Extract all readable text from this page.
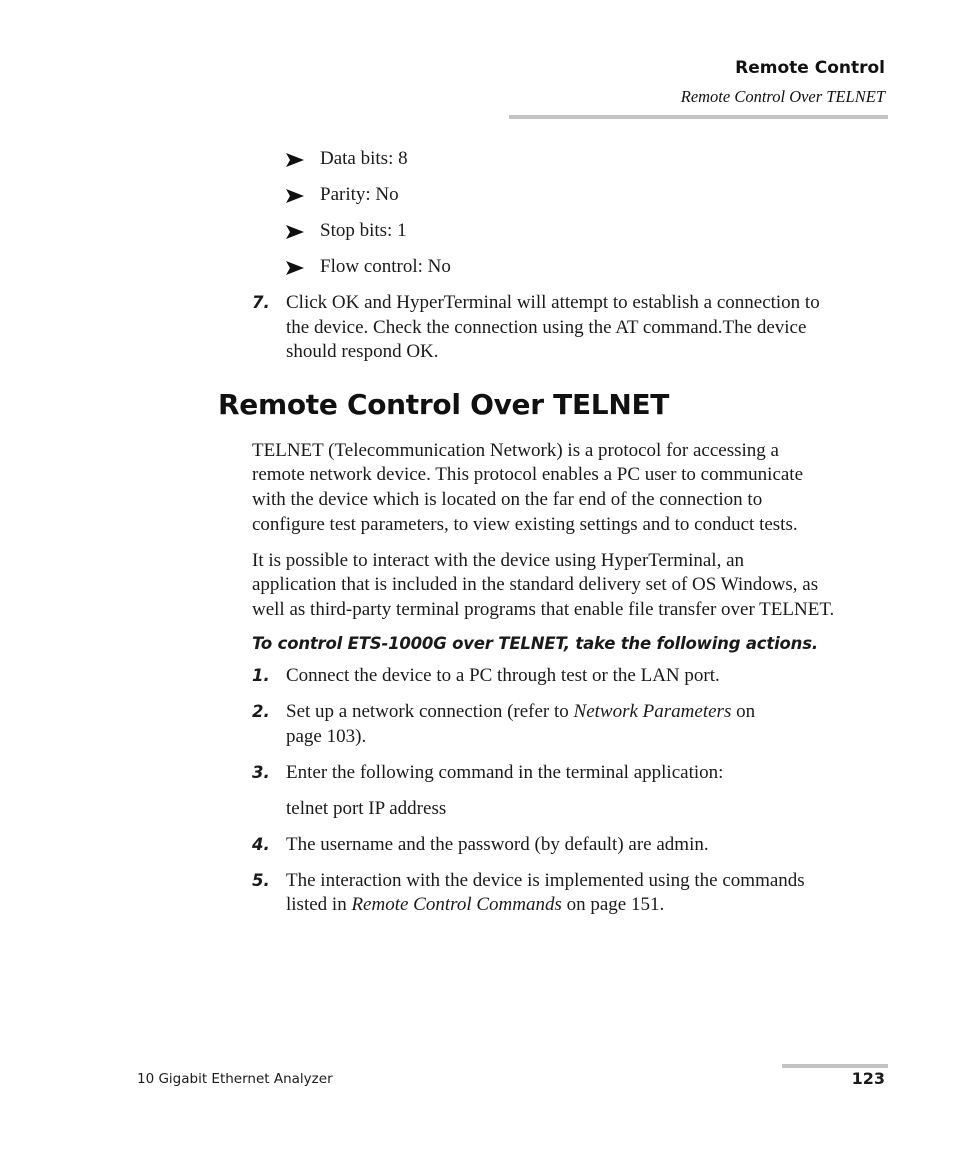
Remote Control
Remote Control Over TELNET
Data bits: 8
Parity: No
Stop bits: 1
Flow control: No
7. Click OK and HyperTerminal will attempt to establish a connection to
the device. Check the connection using the AT command.The device
should respond OK.
Remote Control Over TELNET
TELNET (Telecommunication Network) is a protocol for accessing a
remote network device. This protocol enables a PC user to communicate
with the device which is located on the far end of the connection to
configure test parameters, to view existing settings and to conduct tests.
It is possible to interact with the device using HyperTerminal, an
application that is included in the standard delivery set of OS Windows, as
well as third-party terminal programs that enable file transfer over TELNET.
To control ETS-1000G over TELNET, take the following actions.
1. Connect the device to a PC through test or the LAN port.
2. Set up a network connection (refer to Network Parameters on
page 103).
3. Enter the following command in the terminal application:
telnet port IP address
4. The username and the password (by default) are admin.
5. The interaction with the device is implemented using the commands
listed in Remote Control Commands on page 151.
10 Gigabit Ethernet Analyzer	123
